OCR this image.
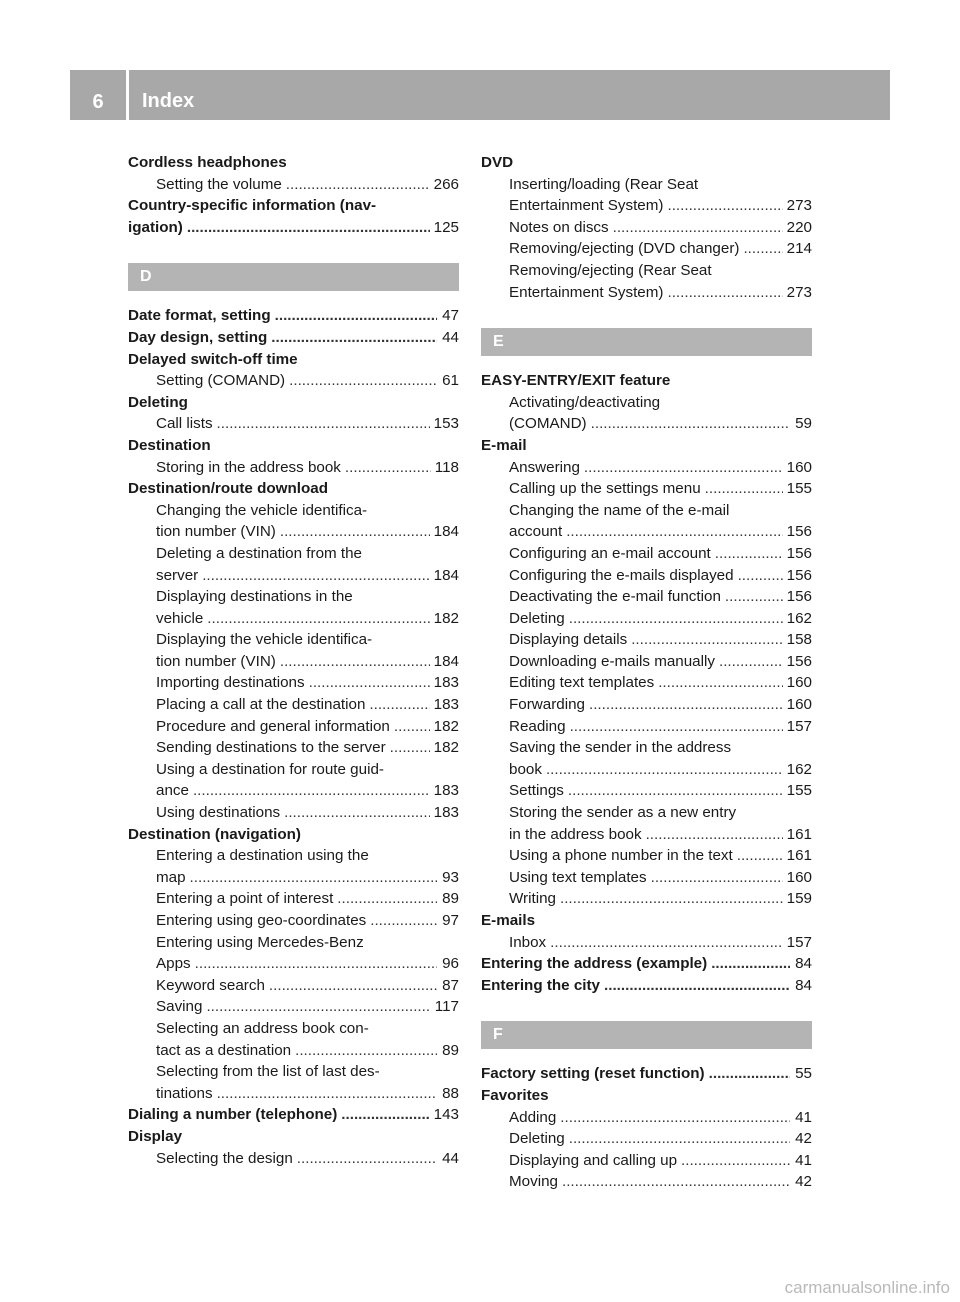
6	Index
Cordless headphones
Setting the volume .....	266
Country-specific information (nav-
igation) .....	125
D
Date format, setting .....	47
Day design, setting .....	44
Delayed switch-off time
Setting (COMAND) .....	61
Deleting
Call lists .....	153
Destination
Storing in the address book .....	118
Destination/route download
Changing the vehicle identifica-
tion number (VIN) .....	184
Deleting a destination from the
server .....	184
Displaying destinations in the
vehicle .....	182
Displaying the vehicle identifica-
tion number (VIN) .....	184
Importing destinations .....	183
Placing a call at the destination .....	183
Procedure and general information .....	182
Sending destinations to the server .....	182
Using a destination for route guid-
ance .....	183
Using destinations .....	183
Destination (navigation)
Entering a destination using the
map .....	93
Entering a point of interest .....	89
Entering using geo-coordinates .....	97
Entering using Mercedes-Benz
Apps .....	96
Keyword search .....	87
Saving .....	117
Selecting an address book con-
tact as a destination .....	89
Selecting from the list of last des-
tinations .....	88
Dialing a number (telephone) .....	143
Display
Selecting the design .....	44
DVD
Inserting/loading (Rear Seat
Entertainment System) .....	273
Notes on discs .....	220
Removing/ejecting (DVD changer) .....	214
Removing/ejecting (Rear Seat
Entertainment System) .....	273
E
EASY-ENTRY/EXIT feature
Activating/deactivating
(COMAND) .....	59
E-mail
Answering .....	160
Calling up the settings menu .....	155
Changing the name of the e-mail
account .....	156
Configuring an e-mail account .....	156
Configuring the e-mails displayed .....	156
Deactivating the e-mail function .....	156
Deleting .....	162
Displaying details .....	158
Downloading e-mails manually .....	156
Editing text templates .....	160
Forwarding .....	160
Reading .....	157
Saving the sender in the address
book .....	162
Settings .....	155
Storing the sender as a new entry
in the address book .....	161
Using a phone number in the text .....	161
Using text templates .....	160
Writing .....	159
E-mails
Inbox .....	157
Entering the address (example) .....	84
Entering the city .....	84
F
Factory setting (reset function) .....	55
Favorites
Adding .....	41
Deleting .....	42
Displaying and calling up .....	41
Moving .....	42
carmanualsonline.info
